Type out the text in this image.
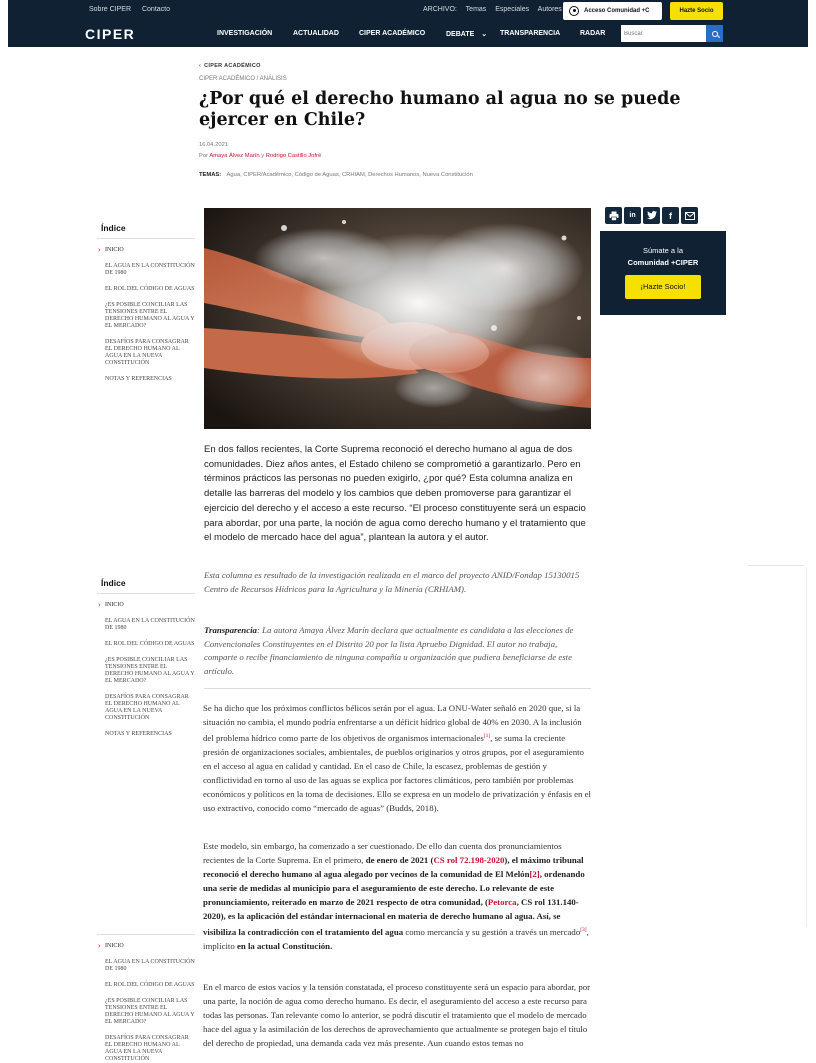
Sobre CIPER Contacto	ARCHIVO: Temas Especiales Autores	Acceso Comunidad +C	Hazte Socio
CIPER	INVESTIGACIÓN	ACTUALIDAD	CIPER ACADÉMICO	DEBATE ⌄ TRANSPARENCIA	RADAR
Buscar
‹ CIPER ACADÉMICO
CIPER ACADÉMICO / ANÁLISIS
¿Por qué el derecho humano al agua no se puede ejercer en Chile?
16.04.2021
Por Amaya Álvez Marín y Rodrigo Castillo Jofré
TEMAS: Agua, CIPER/Académico, Código de Aguas, CRHIAM, Derechos Humanos, Nueva Constitución
Índice
› INICIO
EL AGUA EN LA CONSTITUCIÓN DE 1980
EL ROL DEL CÓDIGO DE AGUAS
¿ES POSIBLE CONCILIAR LAS TENSIONES ENTRE EL DERECHO HUMANO AL AGUA Y EL MERCADO?
DESAFÍOS PARA CONSAGRAR EL DERECHO HUMANO AL AGUA EN LA NUEVA CONSTITUCIÓN
NOTAS Y REFERENCIAS
Índice
› INICIO
EL AGUA EN LA CONSTITUCIÓN DE 1980
EL ROL DEL CÓDIGO DE AGUAS
¿ES POSIBLE CONCILIAR LAS TENSIONES ENTRE EL DERECHO HUMANO AL AGUA Y EL MERCADO?
DESAFÍOS PARA CONSAGRAR EL DERECHO HUMANO AL AGUA EN LA NUEVA CONSTITUCIÓN
NOTAS Y REFERENCIAS
› INICIO
EL AGUA EN LA CONSTITUCIÓN DE 1980
EL ROL DEL CÓDIGO DE AGUAS
¿ES POSIBLE CONCILIAR LAS TENSIONES ENTRE EL DERECHO HUMANO AL AGUA Y EL MERCADO?
DESAFÍOS PARA CONSAGRAR EL DERECHO HUMANO AL AGUA EN LA NUEVA CONSTITUCIÓN

En dos fallos recientes, la Corte Suprema reconoció el derecho humano al agua de dos comunidades. Diez años antes, el Estado chileno se comprometió a garantizarlo. Pero en términos prácticos las personas no pueden exigirlo, ¿por qué? Esta columna analiza en detalle las barreras del modelo y los cambios que deben promoverse para garantizar el ejercicio del derecho y el acceso a este recurso. “El proceso constituyente será un espacio para abordar, por una parte, la noción de agua como derecho humano y el tratamiento que el modelo de mercado hace del agua”, plantean la autora y el autor.

Esta columna es resultado de la investigación realizada en el marco del proyecto ANID/Fondap 15130015 Centro de Recursos Hídricos para la Agricultura y la Minería (CRHIAM).

Transparencia: La autora Amaya Álvez Marín declara que actualmente es candidata a las elecciones de Convencionales Constituyentes en el Distrito 20 por la lista Apruebo Dignidad. El autor no trabaja, comparte o recibe financiamiento de ninguna compañía u organización que pudiera beneficiarse de este artículo.

Se ha dicho que los próximos conflictos bélicos serán por el agua. La ONU-Water señaló en 2020 que, si la situación no cambia, el mundo podría enfrentarse a un déficit hídrico global de 40% en 2030. A la inclusión del problema hídrico como parte de los objetivos de organismos internacionales[1], se suma la creciente presión de organizaciones sociales, ambientales, de pueblos originarios y otros grupos, por el aseguramiento en el acceso al agua en calidad y cantidad. En el caso de Chile, la escasez, problemas de gestión y conflictividad en torno al uso de las aguas se explica por factores climáticos, pero también por problemas económicos y políticos en la toma de decisiones. Ello se expresa en un modelo de privatización y énfasis en el uso extractivo, conocido como “mercado de aguas” (Budds, 2018).

Este modelo, sin embargo, ha comenzado a ser cuestionado. De ello dan cuenta dos pronunciamientos recientes de la Corte Suprema. En el primero, de enero de 2021 (CS rol 72.198-2020), el máximo tribunal reconoció el derecho humano al agua alegado por vecinos de la comunidad de El Melón[2], ordenando una serie de medidas al municipio para el aseguramiento de este derecho. Lo relevante de este pronunciamiento, reiterado en marzo de 2021 respecto de otra comunidad, (Petorca, CS rol 131.140-2020), es la aplicación del estándar internacional en materia de derecho humano al agua. Así, se visibiliza la contradicción con el tratamiento del agua como mercancía y su gestión a través un mercado[3], implícito en la actual Constitución.

En el marco de estos vacíos y la tensión constatada, el proceso constituyente será un espacio para abordar, por una parte, la noción de agua como derecho humano. Es decir, el aseguramiento del acceso a este recurso para todas las personas. Tan relevante como lo anterior, se podrá discutir el tratamiento que el modelo de mercado hace del agua y la asimilación de los derechos de aprovechamiento que actualmente se protegen bajo el título del derecho de propiedad, una demanda cada vez más presente. Aun cuando estos temas no

in	f
Súmate a la
Comunidad +CIPER
¡Hazte Socio!
